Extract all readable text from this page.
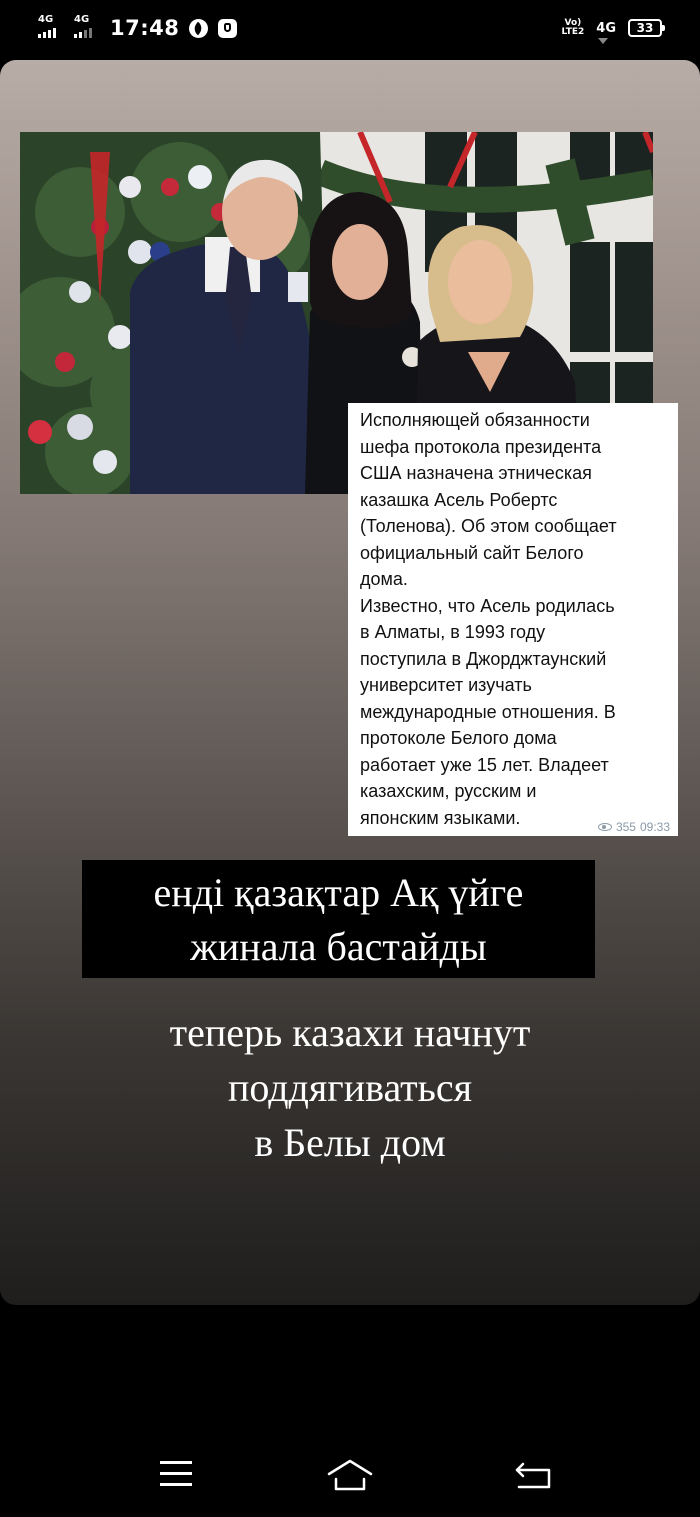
4G 4G 17:48	Vo)
LTE2 4G	33
Исполняющей обязанности
шефа протокола президента
США назначена этническая
казашка Асель Робертс
(Толенова). Об этом сообщает
официальный сайт Белого
дома.
Известно, что Асель родилась
в Алматы, в 1993 году
поступила в Джорджтаунский
университет изучать
международные отношения. В
протоколе Белого дома
работает уже 15 лет. Владеет
казахским, русским и
японским языками.	355 09:33
енді қазақтар Ақ үйге
жинала бастайды
теперь казахи начнут
поддягиваться
в Белы дом
